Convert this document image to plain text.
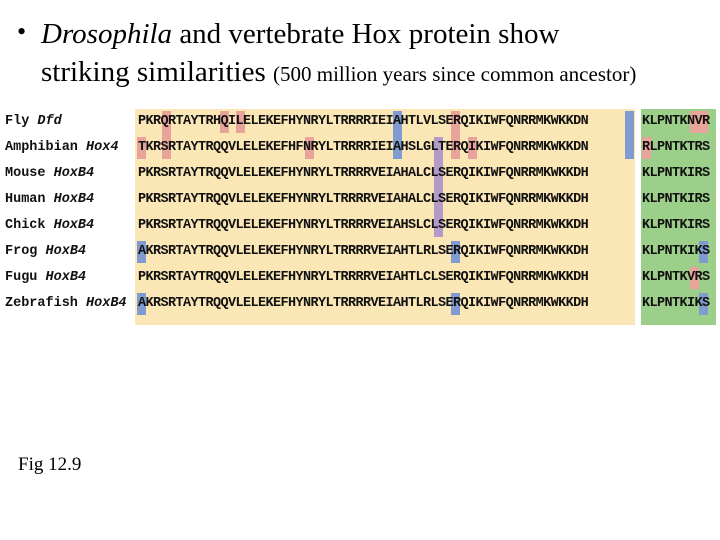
• Drosophila and vertebrate Hox protein show
striking similarities (500 million years since common ancestor)
Fly Dfd	PKRQRTAYTRHQILELEKEFHYNRYLTRRRRIEIAHTLVLSERQIKIWFQNRRMKWKKDN	KLPNTKNVR
Amphibian Hox4 TKRSRTAYTRQQVLELEKEFHFNRYLTRRRRIEIAHSLGLTERQIKIWFQNRRMKWKKDN	RLPNTKTRS
Mouse HoxB4	PKRSRTAYTRQQVLELEKEFHYNRYLTRRRRVEIAHALCLSERQIKIWFQNRRMKWKKDH	KLPNTKIRS
Human HoxB4	PKRSRTAYTRQQVLELEKEFHYNRYLTRRRRVEIAHALCLSERQIKIWFQNRRMKWKKDH	KLPNTKIRS
Chick HoxB4	PKRSRTAYTRQQVLELEKEFHYNRYLTRRRRVEIAHSLCLSERQIKIWFQNRRMKWKKDH	KLPNTKIRS
Frog HoxB4	AKRSRTAYTRQQVLELEKEFHYNRYLTRRRRVEIAHTLRLSERQIKIWFQNRRMKWKKDH	KLPNTKIKS
Fugu HoxB4	PKRSRTAYTRQQVLELEKEFHYNRYLTRRRRVEIAHTLCLSERQIKIWFQNRRMKWKKDH	KLPNTKVRS
Zebrafish HoxB4 AKRSRTAYTRQQVLELEKEFHYNRYLTRRRRVEIAHTLRLSERQIKIWFQNRRMKWKKDH	KLPNTKIKS
Fig 12.9
